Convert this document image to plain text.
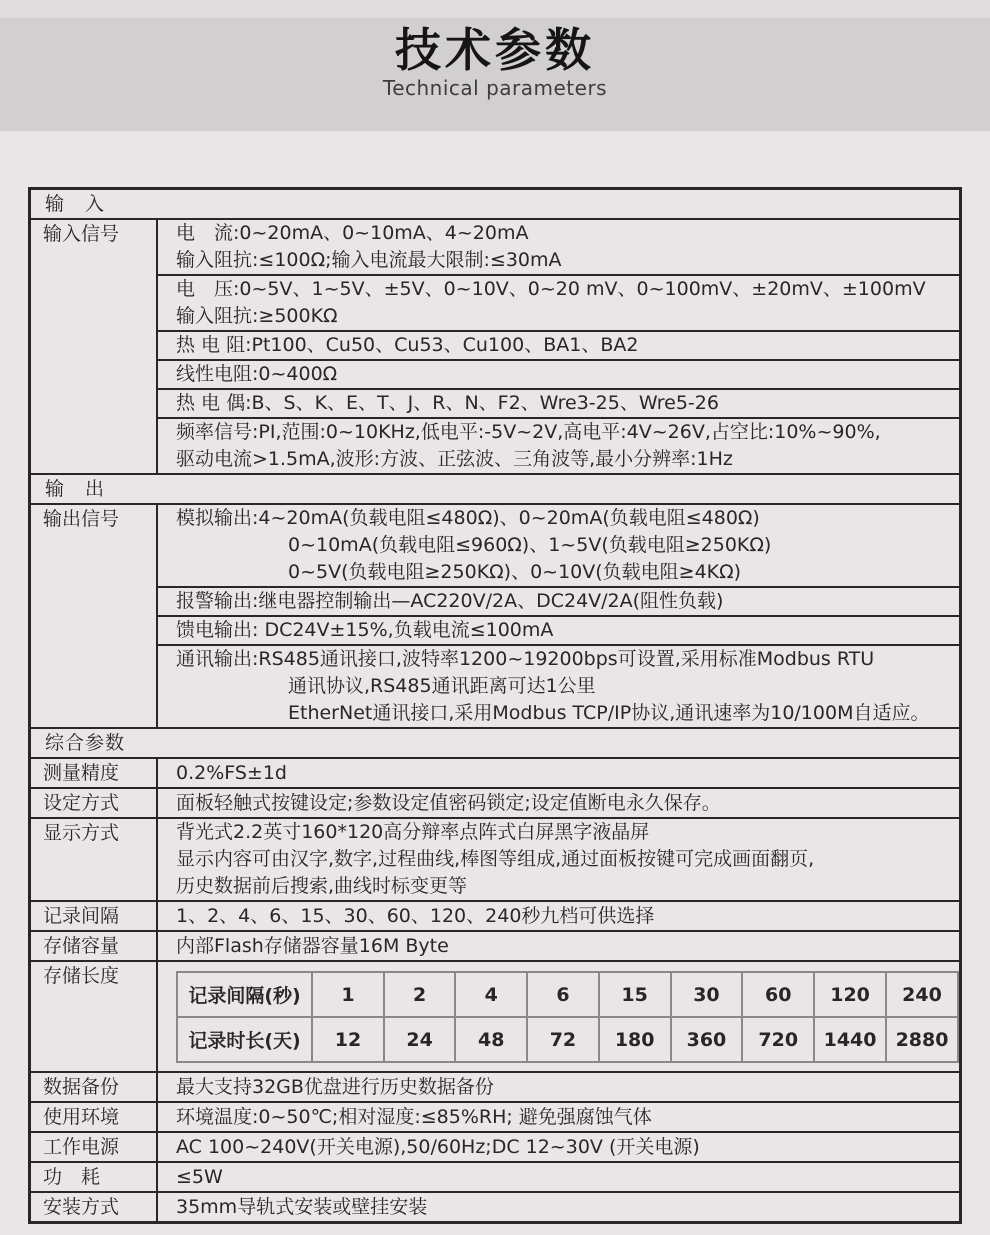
技术参数

Technical parameters

输　入
输入信号	电　流:0~20mA、0~10mA、4~20mA
输入阻抗:≤100Ω;输入电流最大限制:≤30mA
电　压:0~5V、1~5V、±5V、0~10V、0~20 mV、0~100mV、±20mV、±100mV
输入阻抗:≥500KΩ
热 电 阻:Pt100、Cu50、Cu53、Cu100、BA1、BA2
线性电阻:0~400Ω
热 电 偶:B、S、K、E、T、J、R、N、F2、Wre3-25、Wre5-26
频率信号:PI,范围:0~10KHz,低电平:-5V~2V,高电平:4V~26V,占空比:10%~90%,
驱动电流>1.5mA,波形:方波、正弦波、三角波等,最小分辨率:1Hz
输　出
输出信号	模拟输出:4~20mA(负载电阻≤480Ω)、0~20mA(负载电阻≤480Ω)
0~10mA(负载电阻≤960Ω)、1~5V(负载电阻≥250KΩ)
0~5V(负载电阻≥250KΩ)、0~10V(负载电阻≥4KΩ)
报警输出:继电器控制输出—AC220V/2A、DC24V/2A(阻性负载)
馈电输出: DC24V±15%,负载电流≤100mA
通讯输出:RS485通讯接口,波特率1200~19200bps可设置,采用标准Modbus RTU
通讯协议,RS485通讯距离可达1公里
EtherNet通讯接口,采用Modbus TCP/IP协议,通讯速率为10/100M自适应。
综合参数
测量精度	0.2%FS±1d
设定方式	面板轻触式按键设定;参数设定值密码锁定;设定值断电永久保存。
显示方式	背光式2.2英寸160*120高分辩率点阵式白屏黑字液晶屏
显示内容可由汉字,数字,过程曲线,棒图等组成,通过面板按键可完成画面翻页,
历史数据前后搜索,曲线时标变更等
记录间隔	1、2、4、6、15、30、60、120、240秒九档可供选择
存储容量	内部Flash存储器容量16M Byte
存储长度
记录间隔(秒)	1	2	4	6	15	30	60	120	240
记录时长(天)	12	24	48	72	180	360	720	1440	2880
数据备份	最大支持32GB优盘进行历史数据备份
使用环境	环境温度:0~50℃;相对湿度:≤85%RH; 避免强腐蚀气体
工作电源	AC 100~240V(开关电源),50/60Hz;DC 12~30V (开关电源)
功　耗	≤5W
安装方式	35mm导轨式安装或壁挂安装
